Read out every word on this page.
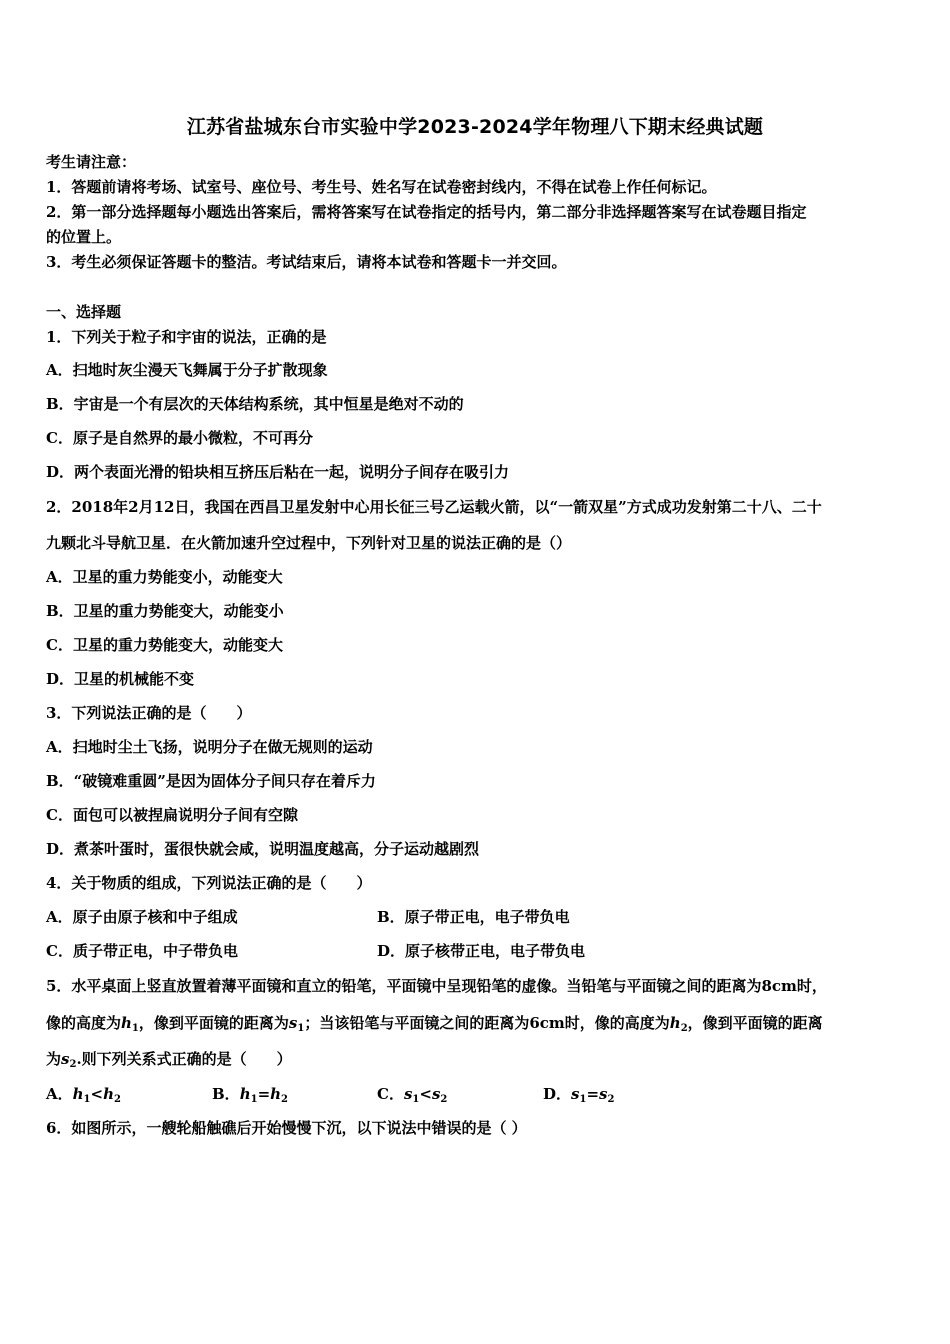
江苏省盐城东台市实验中学2023-2024学年物理八下期末经典试题
考生请注意：
1．答题前请将考场、试室号、座位号、考生号、姓名写在试卷密封线内，不得在试卷上作任何标记。
2．第一部分选择题每小题选出答案后，需将答案写在试卷指定的括号内，第二部分非选择题答案写在试卷题目指定
的位置上。
3．考生必须保证答题卡的整洁。考试结束后，请将本试卷和答题卡一并交回。
一、选择题
1．下列关于粒子和宇宙的说法，正确的是
A．扫地时灰尘漫天飞舞属于分子扩散现象
B．宇宙是一个有层次的天体结构系统，其中恒星是绝对不动的
C．原子是自然界的最小微粒，不可再分
D．两个表面光滑的铅块相互挤压后粘在一起，说明分子间存在吸引力
2．2018年2月12日，我国在西昌卫星发射中心用长征三号乙运载火箭，以“一箭双星”方式成功发射第二十八、二十
九颗北斗导航卫星．在火箭加速升空过程中，下列针对卫星的说法正确的是（）
A．卫星的重力势能变小，动能变大
B．卫星的重力势能变大，动能变小
C．卫星的重力势能变大，动能变大
D．卫星的机械能不变
3．下列说法正确的是（　　）
A．扫地时尘土飞扬，说明分子在做无规则的运动
B．“破镜难重圆”是因为固体分子间只存在着斥力
C．面包可以被捏扁说明分子间有空隙
D．煮茶叶蛋时，蛋很快就会咸，说明温度越高，分子运动越剧烈
4．关于物质的组成，下列说法正确的是（　　）
A．原子由原子核和中子组成	B．原子带正电，电子带负电
C．质子带正电，中子带负电	D．原子核带正电，电子带负电
5．水平桌面上竖直放置着薄平面镜和直立的铅笔，平面镜中呈现铅笔的虚像。当铅笔与平面镜之间的距离为8cm时，
像的高度为$h_1$，像到平面镜的距离为$s_1$；当该铅笔与平面镜之间的距离为6cm时，像的高度为$h_2$，像到平面镜的距离
为$s_2$.则下列关系式正确的是（　　）
A．$h_1<h_2$	B．$h_1=h_2$	C．$s_1<s_2$	D．$s_1=s_2$
6．如图所示，一艘轮船触礁后开始慢慢下沉，以下说法中错误的是（ ）
